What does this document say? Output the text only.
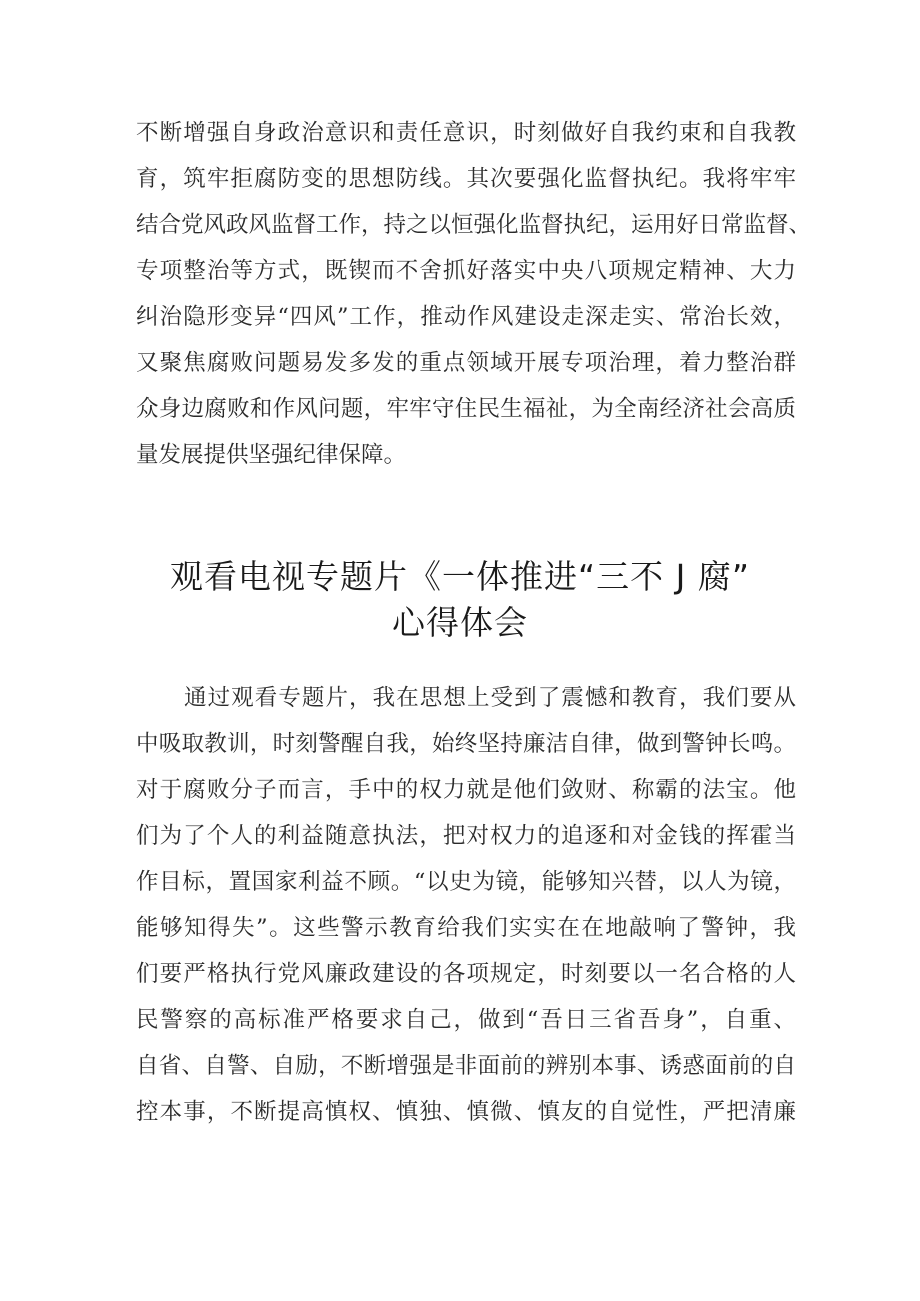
不断增强自身政治意识和责任意识，时刻做好自我约束和自我教
育，筑牢拒腐防变的思想防线。其次要强化监督执纪。我将牢牢
结合党风政风监督工作，持之以恒强化监督执纪，运用好日常监督、
专项整治等方式，既锲而不舍抓好落实中央八项规定精神、大力
纠治隐形变异“四风”工作，推动作风建设走深走实、常治长效，
又聚焦腐败问题易发多发的重点领域开展专项治理，着力整治群
众身边腐败和作风问题，牢牢守住民生福祉，为全南经济社会高质
量发展提供坚强纪律保障。
观看电视专题片《一体推进“三不 J 腐”
心得体会
通过观看专题片，我在思想上受到了震憾和教育，我们要从
中吸取教训，时刻警醒自我，始终坚持廉洁自律，做到警钟长鸣。
对于腐败分子而言，手中的权力就是他们敛财、称霸的法宝。他
们为了个人的利益随意执法，把对权力的追逐和对金钱的挥霍当
作目标，置国家利益不顾。“以史为镜，能够知兴替，以人为镜，
能够知得失”。这些警示教育给我们实实在在地敲响了警钟，我
们要严格执行党风廉政建设的各项规定，时刻要以一名合格的人
民警察的高标准严格要求自己，做到“吾日三省吾身”，自重、
自省、自警、自励，不断增强是非面前的辨别本事、诱惑面前的自
控本事，不断提高慎权、慎独、慎微、慎友的自觉性，严把清廉
